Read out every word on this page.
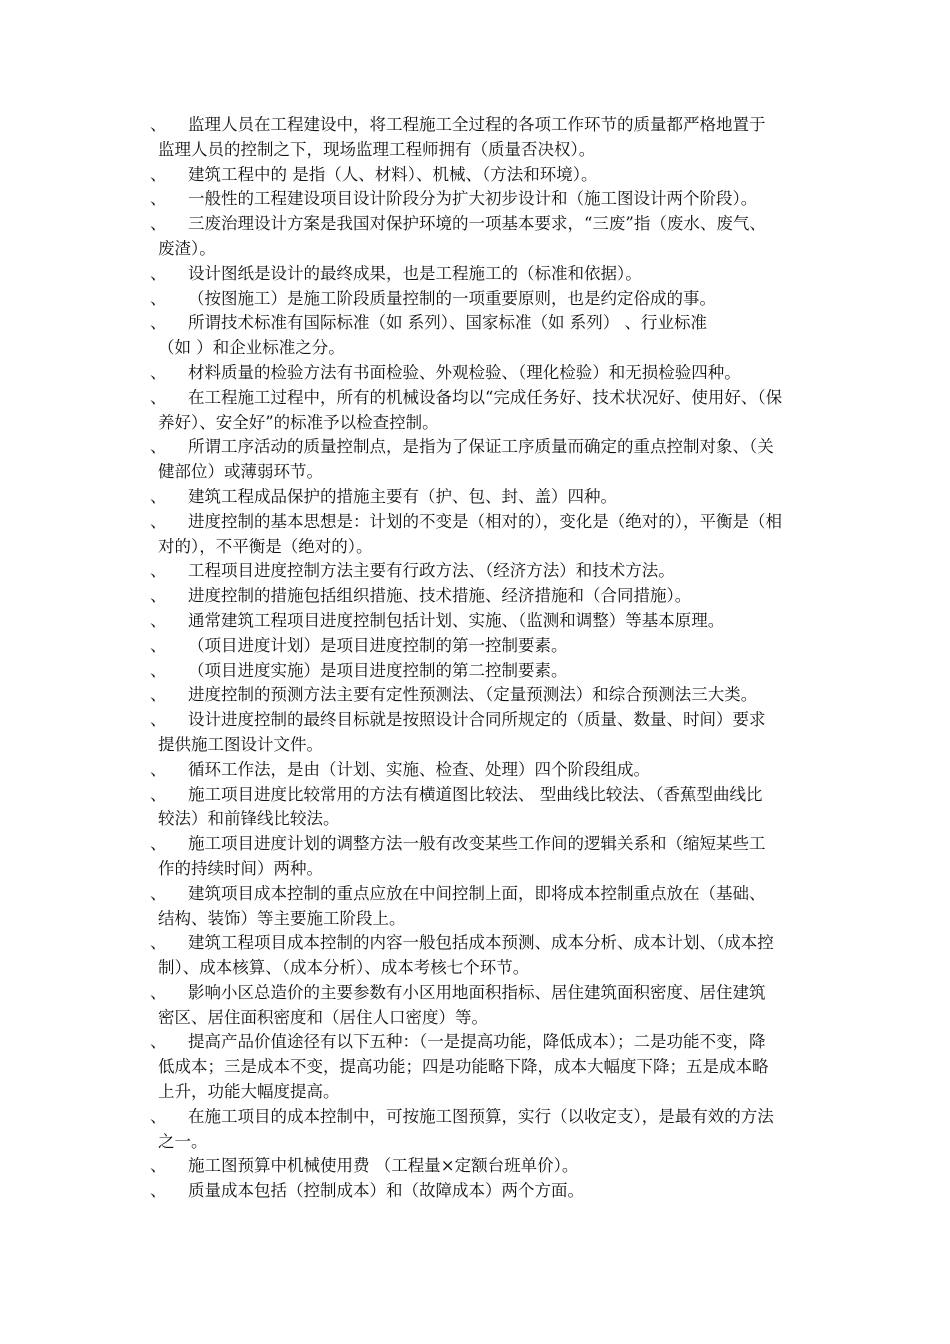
、	监理人员在工程建设中，将工程施工全过程的各项工作环节的质量都严格地置于
监理人员的控制之下，现场监理工程师拥有（质量否决权）。
、	建筑工程中的 是指（人、材料）、机械、（方法和环境）。
、	一般性的工程建设项目设计阶段分为扩大初步设计和（施工图设计两个阶段）。
、	三废治理设计方案是我国对保护环境的一项基本要求，“三废”指（废水、废气、
废渣）。
、	设计图纸是设计的最终成果，也是工程施工的（标准和依据）。
、	（按图施工）是施工阶段质量控制的一项重要原则，也是约定俗成的事。
、	所谓技术标准有国际标准（如 系列）、国家标准（如 系列） 、行业标准
（如 ）和企业标准之分。
、	材料质量的检验方法有书面检验、外观检验、（理化检验）和无损检验四种。
、	在工程施工过程中，所有的机械设备均以“完成任务好、技术状况好、使用好、（保
养好）、安全好”的标准予以检查控制。
、	所谓工序活动的质量控制点，是指为了保证工序质量而确定的重点控制对象、（关
健部位）或薄弱环节。
、	建筑工程成品保护的措施主要有（护、包、封、盖）四种。
、	进度控制的基本思想是：计划的不变是（相对的），变化是（绝对的），平衡是（相
对的），不平衡是（绝对的）。
、	工程项目进度控制方法主要有行政方法、（经济方法）和技术方法。
、	进度控制的措施包括组织措施、技术措施、经济措施和（合同措施）。
、	通常建筑工程项目进度控制包括计划、实施、（监测和调整）等基本原理。
、	（项目进度计划）是项目进度控制的第一控制要素。
、	（项目进度实施）是项目进度控制的第二控制要素。
、	进度控制的预测方法主要有定性预测法、（定量预测法）和综合预测法三大类。
、	设计进度控制的最终目标就是按照设计合同所规定的（质量、数量、时间）要求
提供施工图设计文件。
、	循环工作法，是由（计划、实施、检查、处理）四个阶段组成。
、	施工项目进度比较常用的方法有横道图比较法、 型曲线比较法、（香蕉型曲线比
较法）和前锋线比较法。
、	施工项目进度计划的调整方法一般有改变某些工作间的逻辑关系和（缩短某些工
作的持续时间）两种。
、	建筑项目成本控制的重点应放在中间控制上面，即将成本控制重点放在（基础、
结构、装饰）等主要施工阶段上。
、	建筑工程项目成本控制的内容一般包括成本预测、成本分析、成本计划、（成本控
制）、成本核算、（成本分析）、成本考核七个环节。
、	影响小区总造价的主要参数有小区用地面积指标、居住建筑面积密度、居住建筑
密区、居住面积密度和（居住人口密度）等。
、	提高产品价值途径有以下五种：（一是提高功能，降低成本）；二是功能不变，降
低成本；三是成本不变，提高功能；四是功能略下降，成本大幅度下降；五是成本略
上升，功能大幅度提高。
、	在施工项目的成本控制中，可按施工图预算，实行（以收定支），是最有效的方法
之一。
、	施工图预算中机械使用费 （工程量×定额台班单价）。
、	质量成本包括（控制成本）和（故障成本）两个方面。
